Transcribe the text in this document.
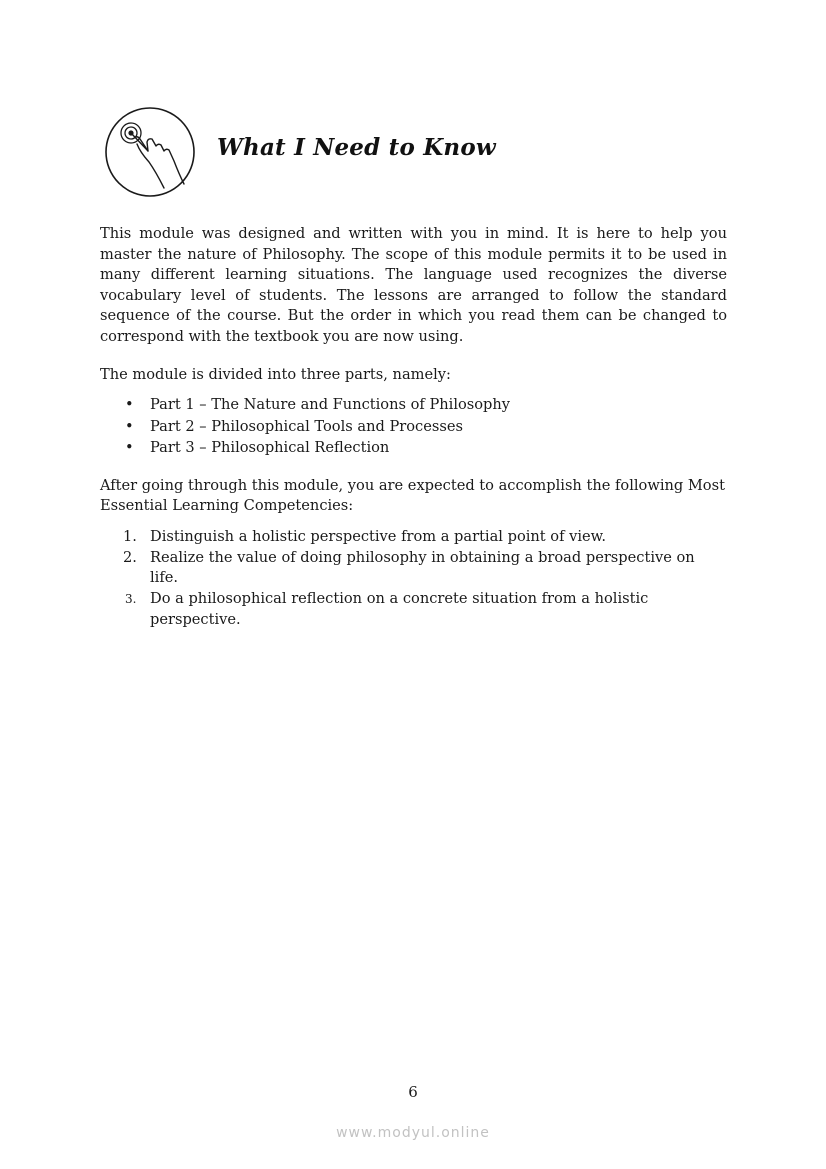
What I Need to Know

This module was designed and written with you in mind. It is here to help you master the nature of Philosophy. The scope of this module permits it to be used in many different learning situations. The language used recognizes the diverse vocabulary level of students. The lessons are arranged to follow the standard sequence of the course. But the order in which you read them can be changed to correspond with the textbook you are now using.

The module is divided into three parts, namely:

• Part 1 – The Nature and Functions of Philosophy
• Part 2 – Philosophical Tools and Processes
• Part 3 – Philosophical Reflection

After going through this module, you are expected to accomplish the following Most Essential Learning Competencies:

1. Distinguish a holistic perspective from a partial point of view.
2. Realize the value of doing philosophy in obtaining a broad perspective on life.
3. Do a philosophical reflection on a concrete situation from a holistic perspective.

6

www.modyul.online
